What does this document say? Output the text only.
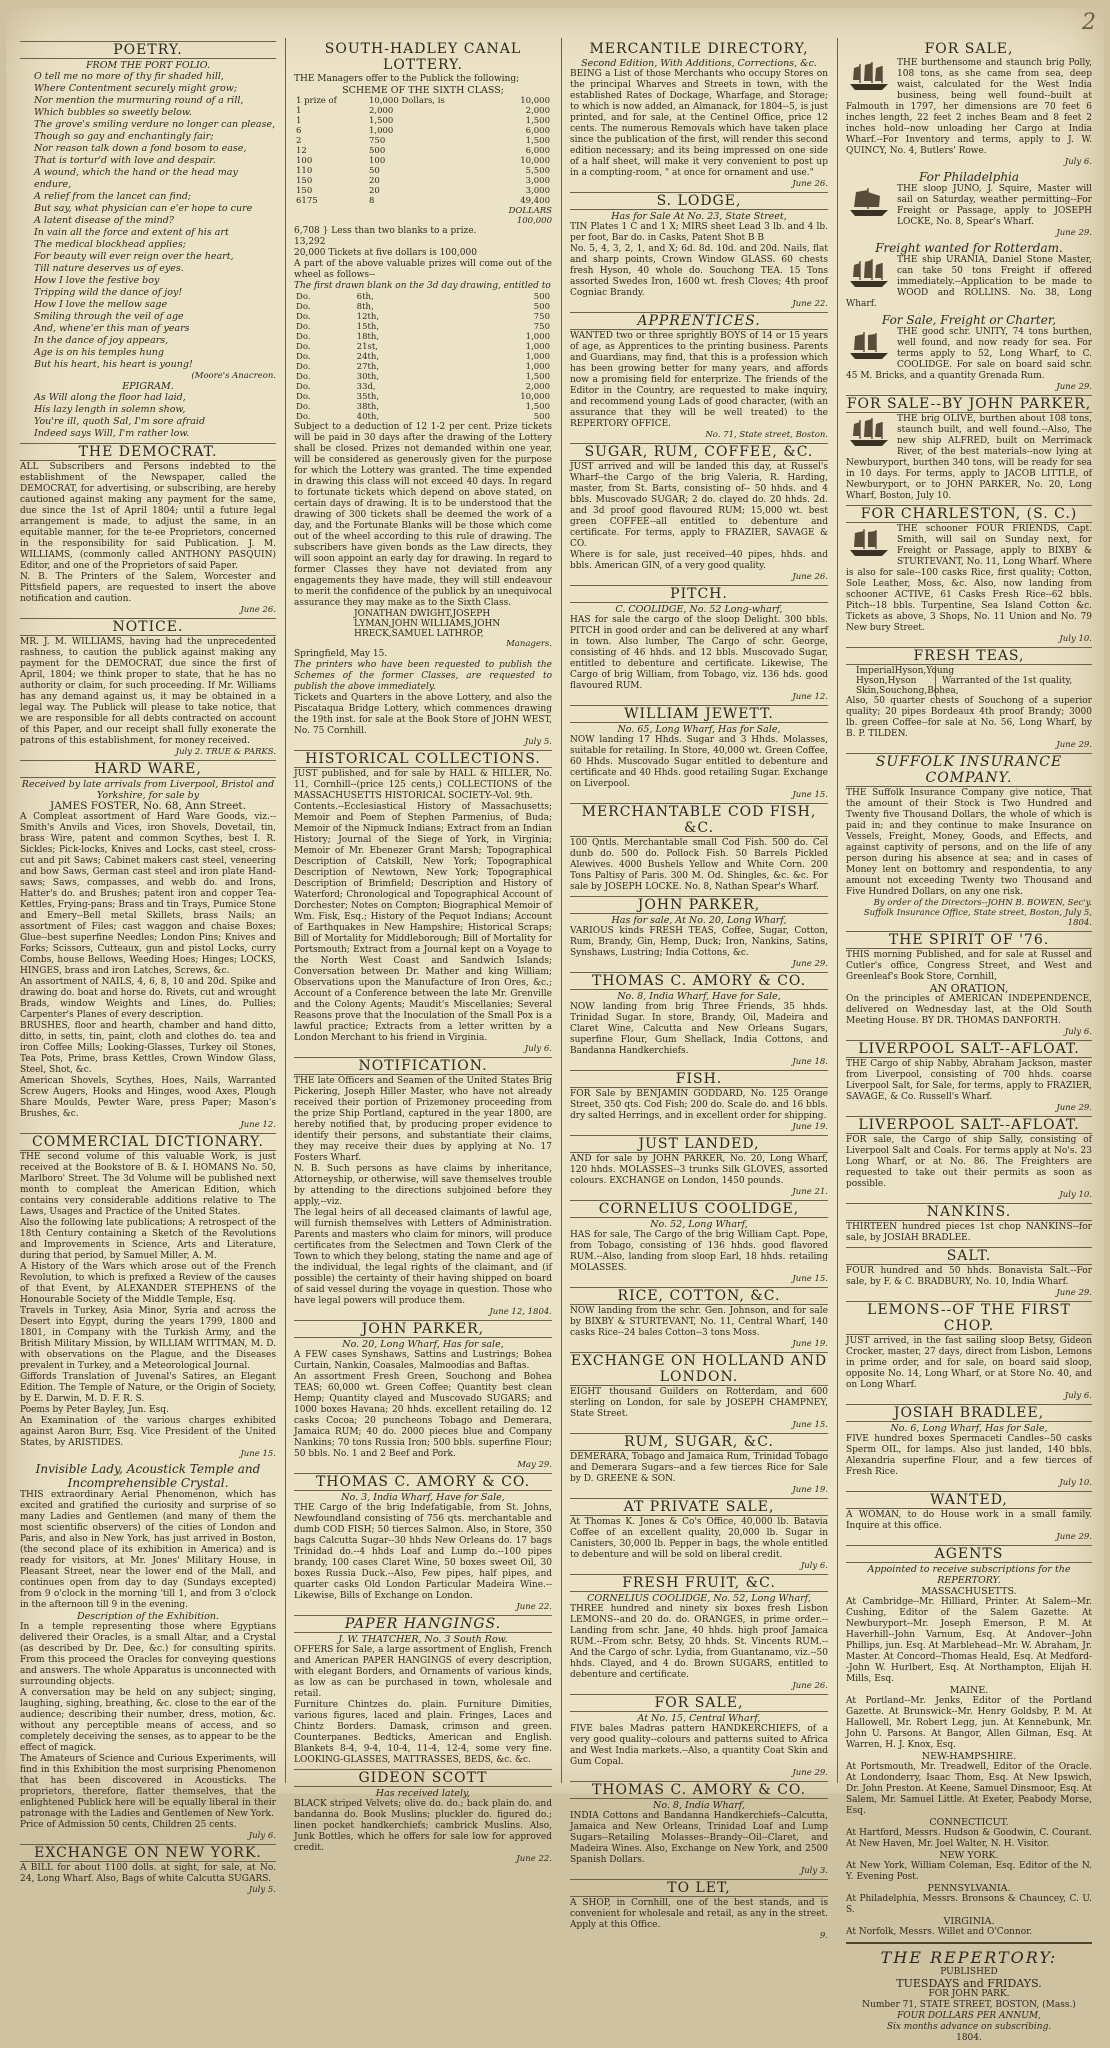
2
POETRY.
FROM THE PORT FOLIO.
O tell me no more of thy fir shaded hill,
Where Contentment securely might grow;
Nor mention the murmuring round of a rill,
Which bubbles so sweetly below.
The grove's smiling verdure no longer can please,
Though so gay and enchantingly fair;
Nor reason talk down a fond bosom to ease,
That is tortur'd with love and despair.
A wound, which the hand or the head may endure,
A relief from the lancet can find;
But say, what physician can e'er hope to cure
A latent disease of the mind?
In vain all the force and extent of his art
The medical blockhead applies;
For beauty will ever reign over the heart,
Till nature deserves us of eyes.
How I love the festive boy
Tripping wild the dance of joy!
How I love the mellow sage
Smiling through the veil of age
And, whene'er this man of years
In the dance of joy appears,
Age is on his temples hung
But his heart, his heart is young!
(Moore's Anacreon.
EPIGRAM.
As Will along the floor had laid,
His lazy length in solemn show,
You're ill, quoth Sal, I'm sore afraid
Indeed says Will, I'm rather low.
THE DEMOCRAT.
ALL Subscribers and Persons indebted to the establishment of the Newspaper, called the DEMOCRAT, for advertising, or subscribing, are hereby cautioned against making any payment for the same, due since the 1st of April 1804; until a future legal arrangement is made, to adjust the same, in an equitable manner, for the te-ee Proprietors, concerned in the responsibility for said Publication. J. M. WILLIAMS, (commonly called ANTHONY PASQUIN) Editor, and one of the Proprietors of said Paper.
N. B. The Printers of the Salem, Worcester and Pittsfield papers, are requested to insert the above notification and caution.
June 26.
NOTICE.
MR. J. M. WILLIAMS, having had the unprecedented rashness, to caution the publick against making any payment for the DEMOCRAT, due since the first of April, 1804; we think proper to state, that he has no authority or claim, for such proceeding. If Mr. Williams has any demand against us, it may be obtained in a legal way. The Publick will please to take notice, that we are responsible for all debts contracted on account of this Paper, and our receipt shall fully exonerate the patrons of this establishment, for money received.
July 2. TRUE & PARKS.
HARD WARE,
Received by late arrivals from Liverpool, Bristol and Yorkshire, for sale by
JAMES FOSTER, No. 68, Ann Street.
A Compleat assortment of Hard Ware Goods, viz.--Smith's Anvils and Vices, iron Shovels, Dovetail, tin, brass Wire, patent and common Scythes, best I. R. Sickles; Pick-locks, Knives and Locks, cast steel, cross-cut and pit Saws; Cabinet makers cast steel, veneering and bow Saws, German cast steel and iron plate Hand-saws; Saws, compasses, and webb do. and Irons, Hatter's do. and Brushes; patent iron and copper Tea-Kettles, Frying-pans; Brass and tin Trays, Pumice Stone and Emery--Bell metal Skillets, brass Nails; an assortment of Files; cast waggon and chaise Boxes; Glue--best superfine Needles; London Pins; Knives and Forks; Scissors, Cutteaux, gun and pistol Locks, curry Combs, house Bellows, Weeding Hoes; Hinges; LOCKS, HINGES, brass and iron Latches, Screws, &c.
An assortment of NAILS, 4, 6, 8, 10 and 20d. Spike and drawing do. boat and horse do. Rivets, cut and wrought Brads, window Weights and Lines, do. Pullies; Carpenter's Planes of every description.
BRUSHES, floor and hearth, chamber and hand ditto, ditto, in setts, tin, paint, cloth and clothes do. tea and iron Coffee Mills; Looking-Glasses, Turkey oil Stones, Tea Pots, Prime, brass Kettles, Crown Window Glass, Steel, Shot, &c.
American Shovels, Scythes, Hoes, Nails, Warranted Screw Augers, Hooks and Hinges, wood Axes, Plough Share Moulds, Pewter Ware, press Paper; Mason's Brushes, &c.
June 12.
COMMERCIAL DICTIONARY.
THE second volume of this valuable Work, is just received at the Bookstore of B. & I. HOMANS No. 50, Marlboro' Street. The 3d Volume will be published next month to compleat the American Edition, which contains very considerable additions relative to The Laws, Usages and Practice of the United States.
Also the following late publications; A retrospect of the 18th Century containing a Sketch of the Revolutions and Improvements in Science, Arts and Literature, during that period, by Samuel Miller, A. M.
A History of the Wars which arose out of the French Revolution, to which is prefixed a Review of the causes of that Event, by ALEXANDER STEPHENS of the Honourable Society of the Middle Temple, Esq.
Travels in Turkey, Asia Minor, Syria and across the Desert into Egypt, during the years 1799, 1800 and 1801, in Company with the Turkish Army, and the British Military Mission, by WILLIAM WITTMAN, M. D. with observations on the Plague, and the Diseases prevalent in Turkey, and a Meteorological Journal.
Giffords Translation of Juvenal's Satires, an Elegant Edition. The Temple of Nature, or the Origin of Society, by E. Darwin, M. D. F. R. S.
Poems by Peter Bayley, Jun. Esq.
An Examination of the various charges exhibited against Aaron Burr, Esq. Vice President of the United States, by ARISTIDES.
June 15.
Invisible Lady, Acoustick Temple and Incomprehensible Crystal.
THIS extraordinary Aerial Phenomenon, which has excited and gratified the curiosity and surprise of so many Ladies and Gentlemen (and many of them the most scientific observers) of the cities of London and Paris, and also in New York, has just arrived in Boston, (the second place of its exhibition in America) and is ready for visitors, at Mr. Jones' Military House, in Pleasant Street, near the lower end of the Mall, and continues open from day to day (Sundays excepted) from 9 o'clock in the morning 'till 1, and from 3 o'clock in the afternoon till 9 in the evening.
Description of the Exhibition.
In a temple representing those where Egyptians delivered their Oracles, is a small Altar, and a Crystal (as described by Dr. Dee, &c.) for consulting spirits. From this proceed the Oracles for conveying questions and answers. The whole Apparatus is unconnected with surrounding objects.
A conversation may be held on any subject; singing, laughing, sighing, breathing, &c. close to the ear of the audience; describing their number, dress, motion, &c. without any perceptible means of access, and so completely deceiving the senses, as to appear to be the effect of magick.
The Amateurs of Science and Curious Experiments, will find in this Exhibition the most surprising Phenomenon that has been discovered in Acousticks. The proprietors, therefore, flatter themselves, that the enlightened Publick here will be equally liberal in their patronage with the Ladies and Gentlemen of New York.
Price of Admission 50 cents, Children 25 cents.
July 6.
EXCHANGE ON NEW YORK.
A BILL for about 1100 dolls. at sight, for sale, at No. 24, Long Wharf. Also, Bags of white Calcutta SUGARS.
July 5.
SOUTH-HADLEY CANAL LOTTERY.
THE Managers offer to the Publick the following;
SCHEME OF THE SIXTH CLASS;
1 prize of	10,000 Dollars, is	10,000
1	2,000	2,000
1	1,500	1,500
6	1,000	6,000
2	750	1,500
12	500	6,000
100	100	10,000
110	50	5,500
150	20	3,000
150	20	3,000
6175	8	49,400
DOLLARS
100,000
6,708 } Less than two blanks to a prize.
13,292
20,000 Tickets at five dollars is 100,000
A part of the above valuable prizes will come out of the wheel as follows--
The first drawn blank on the 3d day drawing, entitled to
Do.	6th,	500
Do.	8th,	500
Do.	12th,	750
Do.	15th,	750
Do.	18th,	1,000
Do.	21st,	1,000
Do.	24th,	1,000
Do.	27th,	1,000
Do.	30th,	1,500
Do.	33d,	2,000
Do.	35th,	10,000
Do.	38th,	1,500
Do.	40th,	500
Subject to a deduction of 12 1-2 per cent. Prize tickets will be paid in 30 days after the drawing of the Lottery shall be closed. Prizes not demanded within one year, will be considered as generously given for the purpose for which the Lottery was granted. The time expended in drawing this class will not exceed 40 days. In regard to fortunate tickets which depend on above stated, on certain days of drawing. It is to be understood that the drawing of 300 tickets shall be deemed the work of a day, and the Fortunate Blanks will be those which come out of the wheel according to this rule of drawing. The subscribers have given bonds as the Law directs, they will soon appoint an early day for drawing. In regard to former Classes they have not deviated from any engagements they have made, they will still endeavour to merit the confidence of the publick by an unequivocal assurance they may make as to the Sixth Class.
JONATHAN DWIGHT,JOSEPH LYMAN,JOHN WILLIAMS,JOHN HRECK,SAMUEL LATHROP,
Managers.
Springfield, May 15.
The printers who have been requested to publish the Schemes of the former Classes, are requested to publish the above immediately.
Tickets and Quarters in the above Lottery, and also the Piscataqua Bridge Lottery, which commences drawing the 19th inst. for sale at the Book Store of JOHN WEST, No. 75 Cornhill.
July 5.
HISTORICAL COLLECTIONS.
JUST published, and for sale by HALL & HILLER, No. 11, Cornhill--(price 125 cents,) COLLECTIONS of the MASSACHUSETTS HISTORICAL SOCIETY--Vol. 9th.
Contents.--Ecclesiastical History of Massachusetts; Memoir and Poem of Stephen Parmenius, of Buda; Memoir of the Nipmuck Indians; Extract from an Indian History; Journal of the Siege of York, in Virginia; Memoir of Mr. Ebenezer Grant Marsh; Topographical Description of Catskill, New York; Topographical Description of Newtown, New York; Topographical Description of Brimfield; Description and History of Waterford; Chronological and Topographical Account of Dorchester; Notes on Compton; Biographical Memoir of Wm. Fisk, Esq.; History of the Pequot Indians; Account of Earthquakes in New Hampshire; Historical Scraps; Bill of Mortality for Middleborough; Bill of Mortality for Portsmouth; Extract from a Journal kept on a Voyage to the North West Coast and Sandwich Islands; Conversation between Dr. Mather and king William; Observations upon the Manufacture of Iron Ores, &c.; Account of a Conference between the late Mr. Grenville and the Colony Agents; Maudit's Miscellanies; Several Reasons prove that the Inoculation of the Small Pox is a lawful practice; Extracts from a letter written by a London Merchant to his friend in Virginia.
July 6.
NOTIFICATION.
THE late Officers and Seamen of the United States Brig Pickering, Joseph Hiller Master, who have not already received their portion of Prizemoney proceeding from the prize Ship Portland, captured in the year 1800, are hereby notified that, by producing proper evidence to identify their persons, and substantiate their claims, they may receive their dues by applying at No. 17 Fosters Wharf.
N. B. Such persons as have claims by inheritance, Attorneyship, or otherwise, will save themselves trouble by attending to the directions subjoined before they apply,--viz.
The legal heirs of all deceased claimants of lawful age, will furnish themselves with Letters of Administration. Parents and masters who claim for minors, will produce certificates from the Selectmen and Town Clerk of the Town to which they belong, stating the name and age of the individual, the legal rights of the claimant, and (if possible) the certainty of their having shipped on board of said vessel during the voyage in question. Those who have legal powers will produce them.
June 12, 1804.
JOHN PARKER,
No. 20, Long Wharf, Has for sale,
A FEW cases Synshaws, Sattins and Lustrings; Bohea Curtain, Nankin, Coasales, Malmoodias and Baftas.
An assortment Fresh Green, Souchong and Bohea TEAS; 60,000 wt. Green Coffee; Quantity best clean Hemp; Quantity clayed and Muscovado SUGARS; and 1000 boxes Havana; 20 hhds. excellent retailing do. 12 casks Cocoa; 20 puncheons Tobago and Demerara, Jamaica RUM; 40 do. 2000 pieces blue and Company Nankins; 70 tons Russia Iron; 500 bbls. superfine Flour; 50 bbls. No. 1 and 2 Beef and Pork.
May 29.
THOMAS C. AMORY & CO.
No. 3, India Wharf, Have for Sale,
THE Cargo of the brig Indefatigable, from St. Johns, Newfoundland consisting of 756 qts. merchantable and dumb COD FISH; 50 tierces Salmon. Also, in Store, 350 bags Calcutta Sugar--30 hhds New Orleans do. 17 bags Trinidad do.--4 hhds Loaf and Lump do.--100 pipes brandy, 100 cases Claret Wine, 50 boxes sweet Oil, 30 boxes Russia Duck.--Also, Few pipes, half pipes, and quarter casks Old London Particular Madeira Wine.--Likewise, Bills of Exchange on London.
June 22.
PAPER HANGINGS.
J. W. THATCHER, No. 3 South Row.
OFFERS for Sale, a large assortment of English, French and American PAPER HANGINGS of every description, with elegant Borders, and Ornaments of various kinds, as low as can be purchased in town, wholesale and retail.
Furniture Chintzes do. plain. Furniture Dimities, various figures, laced and plain. Fringes, Laces and Chintz Borders. Damask, crimson and green. Counterpanes. Bedticks, American and English. Blankets 8-4, 9-4, 10-4, 11-4, 12-4, some very fine. LOOKING-GLASSES, MATTRASSES, BEDS, &c. &c.
GIDEON SCOTT
Has received lately,
BLACK striped Velvets; olive do. do.; back plain do. and bandanna do. Book Muslins; pluckler do. figured do.; linen pocket handkerchiefs; cambrick Muslins. Also, Junk Bottles, which he offers for sale low for approved credit.
June 22.
MERCANTILE DIRECTORY,
Second Edition, With Additions, Corrections, &c.
BEING a List of those Merchants who occupy Stores on the principal Wharves and Streets in town, with the established Rates of Dockage, Wharfage, and Storage; to which is now added, an Almanack, for 1804--5, is just printed, and for sale, at the Centinel Office, price 12 cents. The numerous Removals which have taken place since the publication of the first, will render this second edition necessary; and its being impressed on one side of a half sheet, will make it very convenient to post up in a compting-room, " at once for ornament and use."
June 26.
S. LODGE,
Has for Sale At No. 23, State Street,
TIN Plates 1 C and 1 X; MIRS sheet Lead 3 lb. and 4 lb. per foot, Bar do. in Casks, Patent Shot B B
No. 5, 4, 3, 2, 1, and X; 6d. 8d. 10d. and 20d. Nails, flat and sharp points, Crown Window GLASS. 60 chests fresh Hyson, 40 whole do. Souchong TEA. 15 Tons assorted Swedes Iron, 1600 wt. fresh Cloves; 4th proof Cogniac Brandy.
June 22.
APPRENTICES.
WANTED two or three sprightly BOYS of 14 or 15 years of age, as Apprentices to the printing business. Parents and Guardians, may find, that this is a profession which has been growing better for many years, and affords now a promising field for enterprize. The friends of the Editor in the Country, are requested to make inquiry, and recommend young Lads of good character, (with an assurance that they will be well treated) to the REPERTORY OFFICE.
No. 71, State street, Boston.
SUGAR, RUM, COFFEE, &C.
JUST arrived and will be landed this day, at Russel's Wharf--the Cargo of the brig Valeria, R. Harding, master, from St. Barts, consisting of-- 50 hhds. and 4 bbls. Muscovado SUGAR; 2 do. clayed do. 20 hhds. 2d. and 3d proof good flavoured RUM; 15,000 wt. best green COFFEE--all entitled to debenture and certificate. For terms, apply to FRAZIER, SAVAGE & CO.
Where is for sale, just received--40 pipes, hhds. and bbls. American GIN, of a very good quality.
June 26.
PITCH.
C. COOLIDGE, No. 52 Long-wharf,
HAS for sale the cargo of the sloop Delight. 300 bbls. PITCH in good order and can be delivered at any wharf in town. Also lumber, The Cargo of schr. George, consisting of 46 hhds. and 12 bbls. Muscovado Sugar, entitled to debenture and certificate. Likewise, The Cargo of brig William, from Tobago, viz. 136 hds. good flavoured RUM.
June 12.
WILLIAM JEWETT.
No. 65, Long Wharf, Has for Sale,
NOW landing 17 Hhds. Sugar and 3 Hhds. Molasses, suitable for retailing. In Store, 40,000 wt. Green Coffee, 60 Hhds. Muscovado Sugar entitled to debenture and certificate and 40 Hhds. good retailing Sugar. Exchange on Liverpool.
June 15.
MERCHANTABLE COD FISH, &C.
100 Qntls. Merchantable small Cod Fish. 500 do. Cel dunb do. 500 do. Pollock Fish. 50 Barrels Pickled Alewives. 4000 Bushels Yellow and White Corn. 200 Tons Paltisy of Paris. 300 M. Od. Shingles, &c. &c. For sale by JOSEPH LOCKE. No. 8, Nathan Spear's Wharf.
JOHN PARKER,
Has for sale, At No. 20, Long Wharf,
VARIOUS kinds FRESH TEAS, Coffee, Sugar, Cotton, Rum, Brandy, Gin, Hemp, Duck; Iron, Nankins, Satins, Synshaws, Lustring; India Cottons, &c.
June 29.
THOMAS C. AMORY & CO.
No. 8, India Wharf, Have for Sale,
NOW landing from brig Three Friends, 35 hhds. Trinidad Sugar. In store, Brandy, Oil, Madeira and Claret Wine, Calcutta and New Orleans Sugars, superfine Flour, Gum Shellack, India Cottons, and Bandanna Handkerchiefs.
June 18.
FISH.
FOR Sale by BENJAMIN GODDARD, No. 125 Orange Street, 350 qts. Cod Fish; 200 do. Scale do. and 16 bbls. dry salted Herrings, and in excellent order for shipping.
June 19.
JUST LANDED,
AND for sale by JOHN PARKER, No. 20, Long Wharf, 120 hhds. MOLASSES--3 trunks Silk GLOVES, assorted colours. EXCHANGE on London, 1450 pounds.
June 21.
CORNELIUS COOLIDGE,
No. 52, Long Wharf,
HAS for sale, The Cargo of the brig William Capt. Pope, from Tobago, consisting of 136 hhds. good flavored RUM.--Also, landing from sloop Earl, 18 hhds. retailing MOLASSES.
June 15.
RICE, COTTON, &C.
NOW landing from the schr. Gen. Johnson, and for sale by BIXBY & STURTEVANT, No. 11, Central Wharf, 140 casks Rice--24 bales Cotton--3 tons Moss.
June 19.
EXCHANGE ON HOLLAND AND LONDON.
EIGHT thousand Guilders on Rotterdam, and 600 sterling on London, for sale by JOSEPH CHAMPNEY, State Street.
June 15.
RUM, SUGAR, &C.
DEMERARA, Tobago and Jamaica Rum, Trinidad Tobago and Demerara Sugars--and a few tierces Rice for Sale by D. GREENE & SON.
June 19.
AT PRIVATE SALE,
At Thomas K. Jones & Co's Office, 40,000 lb. Batavia Coffee of an excellent quality, 20,000 lb. Sugar in Canisters, 30,000 lb. Pepper in bags, the whole entitled to debenture and will be sold on liberal credit.
July 6.
FRESH FRUIT, &C.
CORNELIUS COOLIDGE, No. 52, Long Wharf,
THREE hundred and ninety six boxes fresh Lisbon LEMONS--and 20 do. do. ORANGES, in prime order.--Landing from schr. Jane, 40 hhds. high proof Jamaica RUM.--From schr. Betsy, 20 hhds. St. Vincents RUM.--And the Cargo of schr. Lydia, from Guantanamo, viz.--50 hhds. Clayed, and 4 do. Brown SUGARS, entitled to debenture and certificate.
June 26.
FOR SALE,
At No. 15, Central Wharf,
FIVE bales Madras pattern HANDKERCHIEFS, of a very good quality--colours and patterns suited to Africa and West India markets.--Also, a quantity Coat Skin and Gum Copal.
June 29.
THOMAS C. AMORY & CO.
No. 8, India Wharf,
INDIA Cottons and Bandanna Handkerchiefs--Calcutta, Jamaica and New Orleans, Trinidad Loaf and Lump Sugars--Retailing Molasses--Brandy--Oil--Claret, and Madeira Wines. Also, Exchange on New York, and 2500 Spanish Dollars.
July 3.
TO LET,
A SHOP, in Cornhill, one of the best stands, and is convenient for wholesale and retail, as any in the street. Apply at this Office.
9.
FOR SALE,
THE burthensome and staunch brig Polly, 108 tons, as she came from sea, deep waist, calculated for the West India business, being well found--built at Falmouth in 1797, her dimensions are 70 feet 6 inches length, 22 feet 2 inches Beam and 8 feet 2 inches hold--now unloading her Cargo at India Wharf.--For Inventory and terms, apply to J. W. QUINCY, No. 4, Butlers' Rowe.
July 6.
For Philadelphia
THE sloop JUNO, J. Squire, Master will sail on Saturday, weather permitting--For Freight or Passage, apply to JOSEPH LOCKE, No. 8, Spear's Wharf.
June 29.
Freight wanted for Rotterdam.
THE ship URANIA, Daniel Stone Master, can take 50 tons Freight if offered immediately.--Application to be made to WOOD and ROLLINS. No. 38, Long Wharf.
For Sale, Freight or Charter,
THE good schr. UNITY, 74 tons burthen, well found, and now ready for sea. For terms apply to 52, Long Wharf, to C. COOLIDGE. For sale on board said schr. 45 M. Bricks, and a quantity Grenada Rum.
June 29.
FOR SALE--BY JOHN PARKER,
THE brig OLIVE, burthen about 108 tons, staunch built, and well found.--Also, The new ship ALFRED, built on Merrimack River, of the best materials--now lying at Newburyport, burthen 340 tons, will be ready for sea in 10 days. For terms, apply to JACOB LITTLE, of Newburyport, or to JOHN PARKER, No. 20, Long Wharf, Boston, July 10.
FOR CHARLESTON, (S. C.)
THE schooner FOUR FRIENDS, Capt. Smith, will sail on Sunday next, for Freight or Passage, apply to BIXBY & STURTEVANT, No. 11, Long Wharf. Where is also for sale--100 casks Rice, first quality; Cotton, Sole Leather, Moss, &c. Also, now landing from schooner ACTIVE, 61 Casks Fresh Rice--62 bbls. Pitch--18 bbls. Turpentine, Sea Island Cotton &c. Tickets as above, 3 Shops, No. 11 Union and No. 79 New bury Street.
July 10.
FRESH TEAS,
ImperialHyson,Young Hyson,Hyson Skin,Souchong,Bohea,
Warranted of the 1st quality,
Also, 50 quarter chests of Souchong of a superior quality; 20 pipes Bordeaux 4th proof Brandy; 3000 lb. green Coffee--for sale at No. 56, Long Wharf, by B. P. TILDEN.
June 29.
SUFFOLK INSURANCE COMPANY.
THE Suffolk Insurance Company give notice, That the amount of their Stock is Two Hundred and Twenty five Thousand Dollars, the whole of which is paid in; and they continue to make Insurance on Vessels, Freight, Money, Goods, and Effects, and against captivity of persons, and on the life of any person during his absence at sea; and in cases of Money lent on bottomry and respondentia, to any amount not exceeding Twenty two Thousand and Five Hundred Dollars, on any one risk.
By order of the Directors--JOHN B. BOWEN, Sec'y. Suffolk Insurance Office, State street, Boston, July 5, 1804.
THE SPIRIT OF '76.
THIS morning Published, and for sale at Russel and Cutler's office, Congress Street, and West and Greenleaf's Book Store, Cornhill,
AN ORATION,
On the principles of AMERICAN INDEPENDENCE, delivered on Wednesday last, at the Old South Meeting House. BY DR. THOMAS DANFORTH.
July 6.
LIVERPOOL SALT--AFLOAT.
THE Cargo of ship Nabby, Abraham Jackson, master from Liverpool, consisting of 700 hhds. coarse Liverpool Salt, for Sale, for terms, apply to FRAZIER, SAVAGE, & Co. Russell's Wharf.
June 29.
LIVERPOOL SALT--AFLOAT.
FOR sale, the Cargo of ship Sally, consisting of Liverpool Salt and Coals. For terms apply at No's. 23 Long Wharf, or at No. 86. The Freighters are requested to take out their permits as soon as possible.
July 10.
NANKINS.
THIRTEEN hundred pieces 1st chop NANKINS--for sale, by JOSIAH BRADLEE.
SALT.
FOUR hundred and 50 hhds. Bonavista Salt.--For sale, by F. & C. BRADBURY, No. 10, India Wharf.
June 29.
LEMONS--OF THE FIRST CHOP.
JUST arrived, in the fast sailing sloop Betsy, Gideon Crocker, master, 27 days, direct from Lisbon, Lemons in prime order, and for sale, on board said sloop, opposite No. 14, Long Wharf, or at Store No. 40, and on Long Wharf.
July 6.
JOSIAH BRADLEE,
No. 6, Long Wharf, Has for Sale,
FIVE hundred boxes Spermaceti Candles--50 casks Sperm OIL, for lamps. Also just landed, 140 bbls. Alexandria superfine Flour, and a few tierces of Fresh Rice.
July 10.
WANTED,
A WOMAN, to do House work in a small family. Inquire at this office.
June 29.
AGENTS
Appointed to receive subscriptions for the REPERTORY.
MASSACHUSETTS.
At Cambridge--Mr. Hilliard, Printer. At Salem--Mr. Cushing, Editor of the Salem Gazette. At Newburyport--Mr. Joseph Emerson, P. M. At Haverhill--John Varnum, Esq. At Andover--John Phillips, jun. Esq. At Marblehead--Mr. W. Abraham, Jr. Master. At Concord--Thomas Heald, Esq. At Medford--John W. Hurlbert, Esq. At Northampton, Elijah H. Mills, Esq.
MAINE.
At Portland--Mr. Jenks, Editor of the Portland Gazette. At Brunswick--Mr. Henry Goldsby, P. M. At Hallowell, Mr. Robert Legg, jun. At Kennebunk, Mr. John U. Parsons. At Bangor, Allen Gilman, Esq. At Warren, H. J. Knox, Esq.
NEW-HAMPSHIRE.
At Portsmouth, Mr. Treadwell, Editor of the Oracle. At Londonderry, Isaac Thom, Esq. At New Ipswich, Dr. John Preston. At Keene, Samuel Dinsmoor, Esq. At Salem, Mr. Samuel Little. At Exeter, Peabody Morse, Esq.
CONNECTICUT.
At Hartford, Messrs. Hudson & Goodwin, C. Courant. At New Haven, Mr. Joel Walter, N. H. Visitor.
NEW YORK.
At New York, William Coleman, Esq. Editor of the N. Y. Evening Post.
PENNSYLVANIA.
At Philadelphia, Messrs. Bronsons & Chauncey, C. U. S.
VIRGINIA.
At Norfolk, Messrs. Willet and O'Connor.
THE REPERTORY:
PUBLISHED
TUESDAYS and FRIDAYS.
FOR JOHN PARK.
Number 71, STATE STREET, BOSTON, (Mass.)
FOUR DOLLARS PER ANNUM,
Six months advance on subscribing.
1804.
